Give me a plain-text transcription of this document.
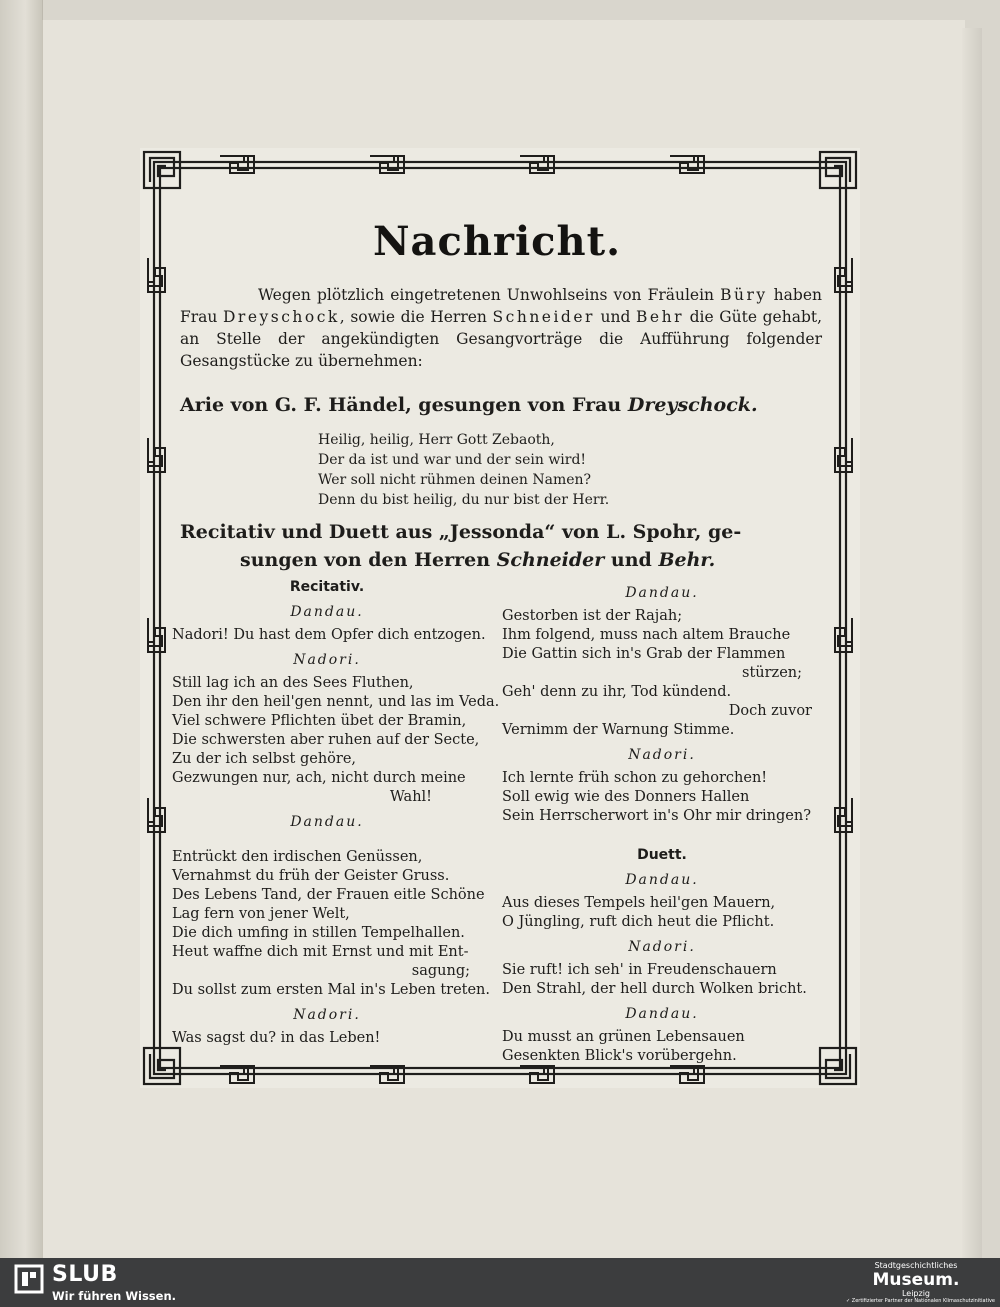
Nachricht.
Wegen plötzlich eingetretenen Unwohlseins von Fräulein Büry haben Frau Dreyschock, sowie die Herren Schneider und Behr die Güte gehabt, an Stelle der angekündigten Gesangvorträge die Aufführung folgender Gesangstücke zu übernehmen:
Arie von G. F. Händel, gesungen von Frau Dreyschock.
Heilig, heilig, Herr Gott Zebaoth,
Der da ist und war und der sein wird!
Wer soll nicht rühmen deinen Namen?
Denn du bist heilig, du nur bist der Herr.
Recitativ und Duett aus „Jessonda“ von L. Spohr, ge-
sungen von den Herren Schneider und Behr.
Recitativ.
Dandau.
Nadori! Du hast dem Opfer dich entzogen.
Nadori.
Still lag ich an des Sees Fluthen,
Den ihr den heil'gen nennt, und las im Veda.
Viel schwere Pflichten übet der Bramin,
Die schwersten aber ruhen auf der Secte,
Zu der ich selbst gehöre,
Gezwungen nur, ach, nicht durch meine
Wahl!
Dandau.
Entrückt den irdischen Genüssen,
Vernahmst du früh der Geister Gruss.
Des Lebens Tand, der Frauen eitle Schöne
Lag fern von jener Welt,
Die dich umfing in stillen Tempelhallen.
Heut waffne dich mit Ernst und mit Ent-
sagung;
Du sollst zum ersten Mal in's Leben treten.
Nadori.
Was sagst du? in das Leben!
Dandau.
Gestorben ist der Rajah;
Ihm folgend, muss nach altem Brauche
Die Gattin sich in's Grab der Flammen
stürzen;
Geh' denn zu ihr, Tod kündend.
Doch zuvor
Vernimm der Warnung Stimme.
Nadori.
Ich lernte früh schon zu gehorchen!
Soll ewig wie des Donners Hallen
Sein Herrscherwort in's Ohr mir dringen?
Duett.
Dandau.
Aus dieses Tempels heil'gen Mauern,
O Jüngling, ruft dich heut die Pflicht.
Nadori.
Sie ruft! ich seh' in Freudenschauern
Den Strahl, der hell durch Wolken bricht.
Dandau.
Du musst an grünen Lebensauen
Gesenkten Blick's vorübergehn.
SLUB
Wir führen Wissen.
Stadtgeschichtliches
Museum.
Leipzig
✓ Zertifizierter Partner der Nationalen Klimaschutzinitiative
